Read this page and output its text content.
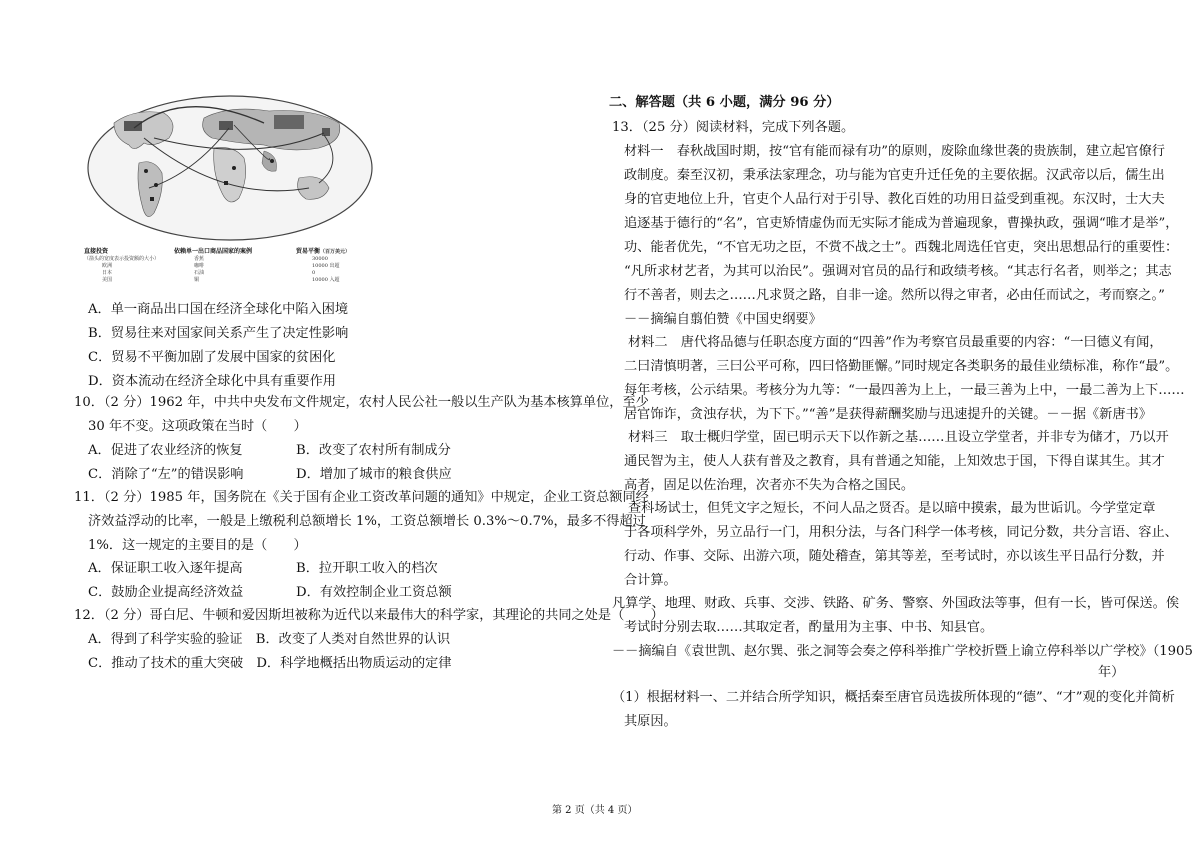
直接投资
（箭头的宽度表示投资额的大小）
欧洲
日本
美国
依赖单一出口商品国家的案例
香蕉
咖啡
石油
铜
贸易平衡（百万美元）
30000
10000 出超
0
10000 入超
A．单一商品出口国在经济全球化中陷入困境
B．贸易往来对国家间关系产生了决定性影响
C．贸易不平衡加剧了发展中国家的贫困化
D．资本流动在经济全球化中具有重要作用
10．（2 分）1962 年，中共中央发布文件规定，农村人民公社一般以生产队为基本核算单位，至少
30 年不变。这项政策在当时（　　）
A．促进了农业经济的恢复	B．改变了农村所有制成分
C．消除了“左”的错误影响	D．增加了城市的粮食供应
11．（2 分）1985 年，国务院在《关于国有企业工资改革问题的通知》中规定，企业工资总额同经
济效益浮动的比率，一般是上缴税利总额增长 1%，工资总额增长 0.3%～0.7%，最多不得超过
1%．这一规定的主要目的是（　　）
A．保证职工收入逐年提高	B．拉开职工收入的档次
C．鼓励企业提高经济效益	D．有效控制企业工资总额
12．（2 分）哥白尼、牛顿和爱因斯坦被称为近代以来最伟大的科学家，其理论的共同之处是（　　）
A．得到了科学实验的验证　B．改变了人类对自然世界的认识
C．推动了技术的重大突破　D．科学地概括出物质运动的定律
二、解答题（共 6 小题，满分 96 分）
13．（25 分）阅读材料，完成下列各题。
材料一　春秋战国时期，按“官有能而禄有功”的原则，废除血缘世袭的贵族制，建立起官僚行
政制度。秦至汉初，秉承法家理念，功与能为官吏升迁任免的主要依据。汉武帝以后，儒生出
身的官吏地位上升，官吏个人品行对于引导、教化百姓的功用日益受到重视。东汉时，士大夫
追逐基于德行的“名”，官吏矫情虚伪而无实际才能成为普遍现象，曹操执政，强调“唯才是举”，
功、能者优先，“不官无功之臣，不赏不战之士”。西魏北周选任官吏，突出思想品行的重要性：
“凡所求材艺者，为其可以治民”。强调对官员的品行和政绩考核。“其志行名者，则举之；其志
行不善者，则去之……凡求贤之路，自非一途。然所以得之审者，必由任而试之，考而察之。”
－－摘编自翦伯赞《中国史纲要》
材料二　唐代将品德与任职态度方面的“四善”作为考察官员最重要的内容：“一曰德义有闻，
二曰清慎明著，三曰公平可称，四曰恪勤匪懈。”同时规定各类职务的最佳业绩标准，称作“最”。
每年考核，公示结果。考核分为九等：“一最四善为上上，一最三善为上中，一最二善为上下……
居官饰诈，贪浊存状，为下下。”“善”是获得薪酬奖励与迅速提升的关键。－－据《新唐书》
材料三　取士概归学堂，固已明示天下以作新之基……且设立学堂者，并非专为储才，乃以开
通民智为主，使人人获有普及之教育，具有普通之知能，上知效忠于国，下得自谋其生。其才
高者，固足以佐治理，次者亦不失为合格之国民。
查科场试士，但凭文字之短长，不问人品之贤否。是以暗中摸索，最为世诟讥。今学堂定章
于各项科学外，另立品行一门，用积分法，与各门科学一体考核，同记分数，共分言语、容止、
行动、作事、交际、出游六项，随处稽查，第其等差，至考试时，亦以该生平日品行分数，并
合计算。
凡算学、地理、财政、兵事、交涉、铁路、矿务、警察、外国政法等事，但有一长，皆可保送。俟
考试时分别去取……其取定者，酌量用为主事、中书、知县官。
－－摘编自《袁世凯、赵尔巽、张之洞等会奏之停科举推广学校折暨上谕立停科举以广学校》（1905
年）
（1）根据材料一、二并结合所学知识，概括秦至唐官员选拔所体现的“德”、“才”观的变化并简析
其原因。
第 2 页（共 4 页）
